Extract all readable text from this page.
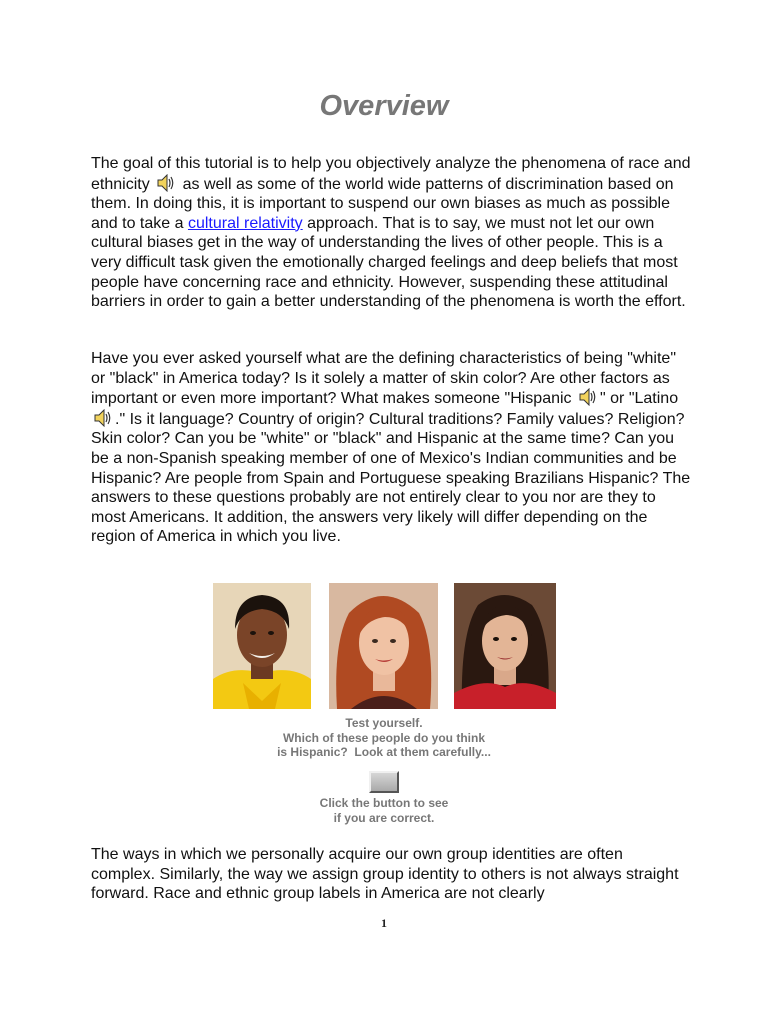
Overview

The goal of this tutorial is to help you objectively analyze the phenomena of race and ethnicity as well as some of the world wide patterns of discrimination based on them. In doing this, it is important to suspend our own biases as much as possible and to take a cultural relativity approach. That is to say, we must not let our own cultural biases get in the way of understanding the lives of other people. This is a very difficult task given the emotionally charged feelings and deep beliefs that most people have concerning race and ethnicity. However, suspending these attitudinal barriers in order to gain a better understanding of the phenomena is worth the effort.

Have you ever asked yourself what are the defining characteristics of being "white" or "black" in America today? Is it solely a matter of skin color? Are other factors as important or even more important? What makes someone "Hispanic " or "Latino ." Is it language? Country of origin? Cultural traditions? Family values? Religion? Skin color? Can you be "white" or "black" and Hispanic at the same time? Can you be a non-Spanish speaking member of one of Mexico's Indian communities and be Hispanic? Are people from Spain and Portuguese speaking Brazilians Hispanic? The answers to these questions probably are not entirely clear to you nor are they to most Americans. It addition, the answers very likely will differ depending on the region of America in which you live.

Test yourself.
Which of these people do you think
is Hispanic?  Look at them carefully...
Click the button to see
if you are correct.

The ways in which we personally acquire our own group identities are often complex. Similarly, the way we assign group identity to others is not always straight forward. Race and ethnic group labels in America are not clearly

1
